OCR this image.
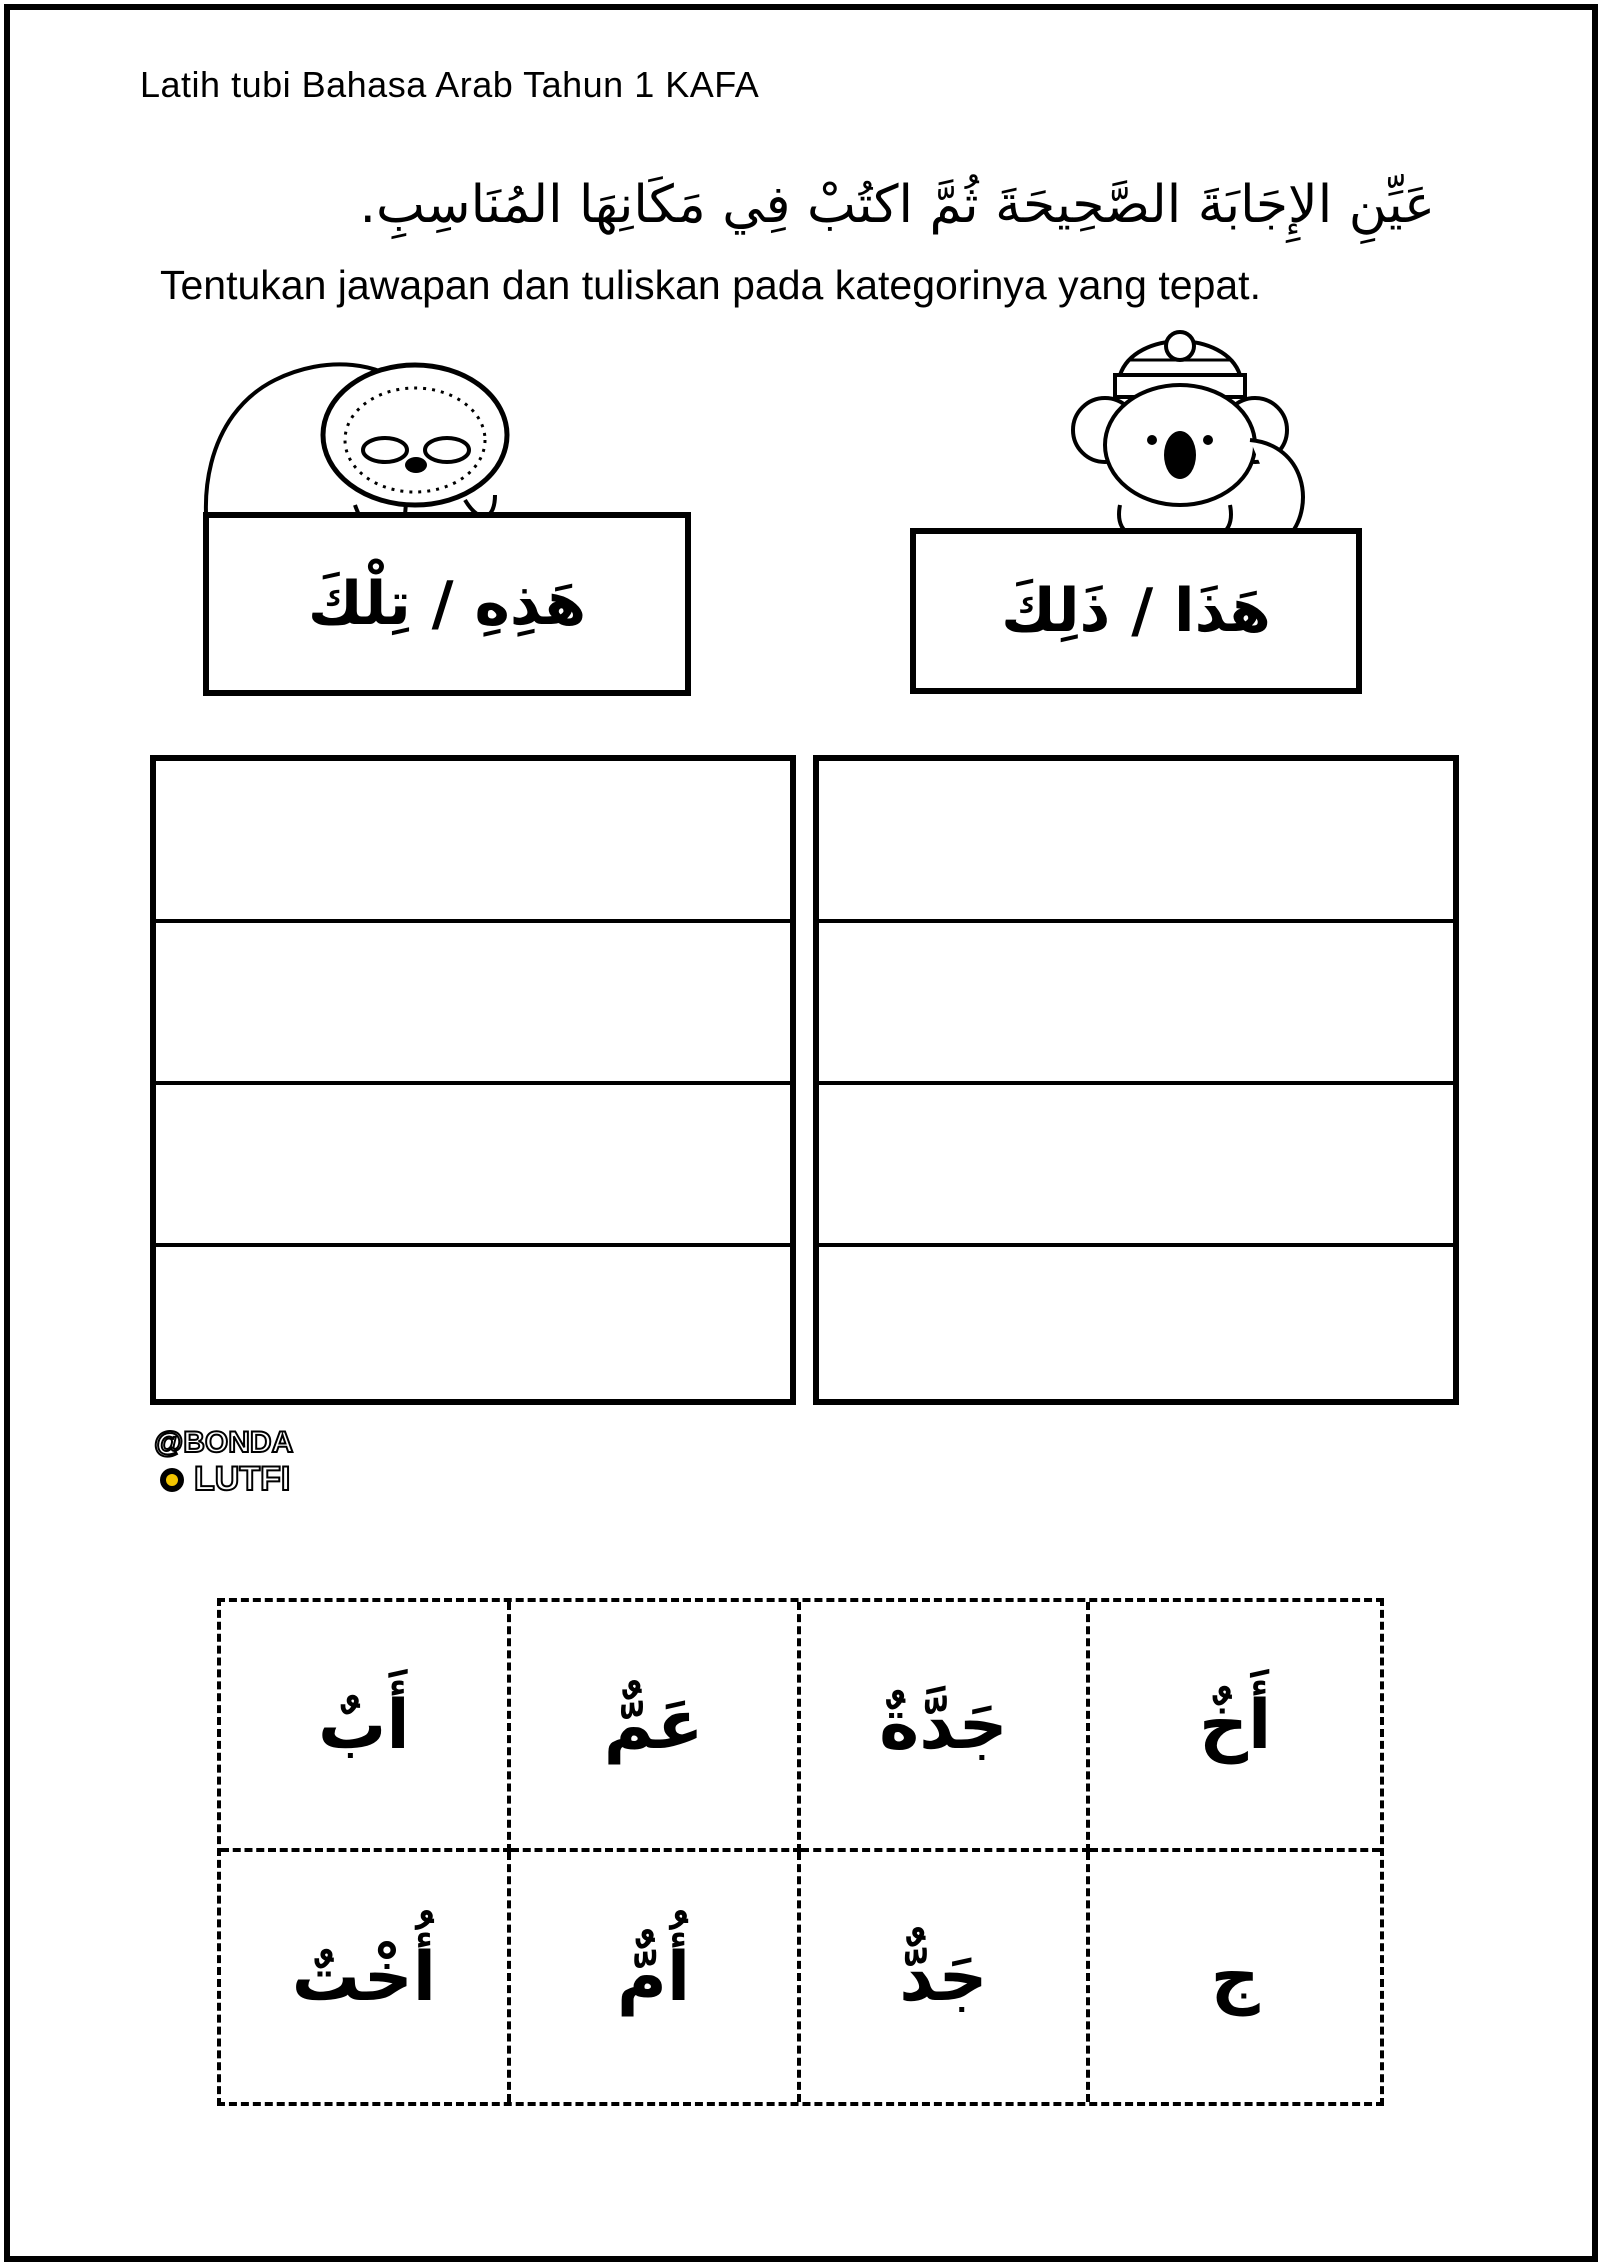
Latih tubi Bahasa Arab Tahun 1 KAFA
عَيِّنِ الإِجَابَةَ الصَّحِيحَةَ ثُمَّ اكتُبْ فِي مَكَانِهَا المُنَاسِبِ.
Tentukan jawapan dan tuliskan pada kategorinya yang tepat.
هَذِهِ / تِلْكَ	هَذَا / ذَلِكَ
@BONDA
LUTFI
أَبٌ	عَمٌّ	جَدَّةٌ	أَخٌ
أُخْتٌ	أُمٌّ	جَدٌّ	ج
